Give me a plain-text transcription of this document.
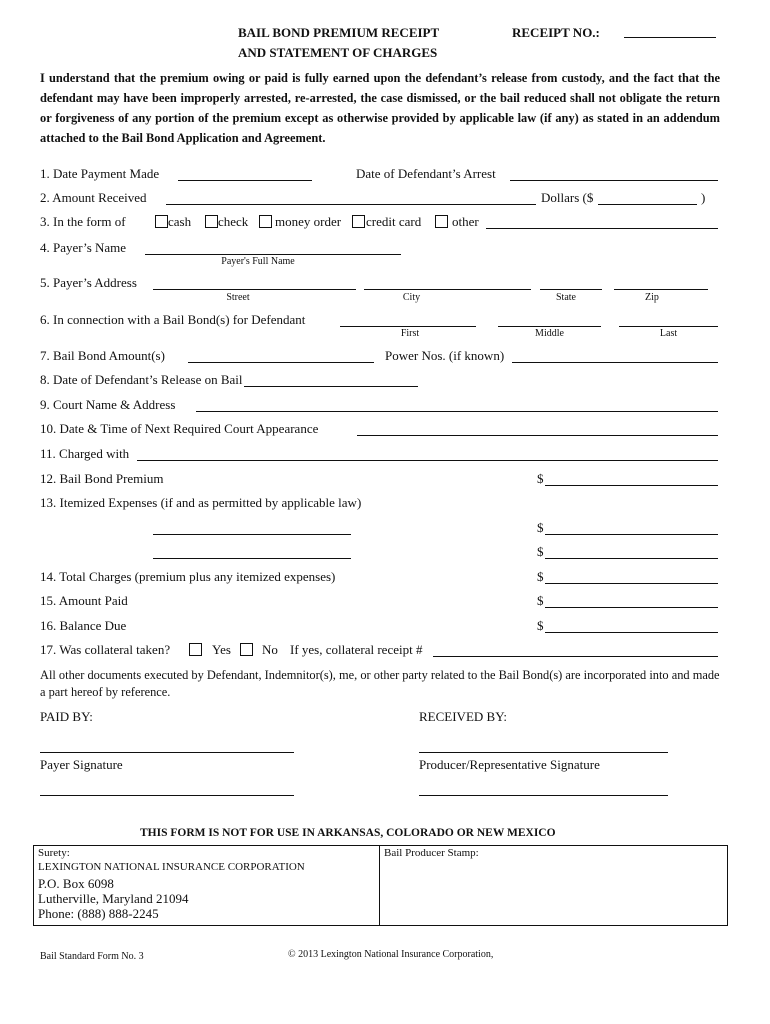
BAIL BOND PREMIUM RECEIPT
AND STATEMENT OF CHARGES
RECEIPT NO.:
I understand that the premium owing or paid is fully earned upon the defendant’s release from custody, and the fact that the defendant may have been improperly arrested, re-arrested, the case dismissed, or the bail reduced shall not obligate the return or forgiveness of any portion of the premium except as otherwise provided by applicable law (if any) as stated in an addendum attached to the Bail Bond Application and Agreement.
1. Date Payment Made	Date of Defendant’s Arrest
2. Amount Received	Dollars ($	)
3. In the form of	cash check money order credit card other
4. Payer’s Name
Payer's Full Name
5. Payer’s Address
Street	City	State	Zip
6. In connection with a Bail Bond(s) for Defendant
First	Middle	Last
7. Bail Bond Amount(s)	Power Nos. (if known)
8. Date of Defendant’s Release on Bail
9. Court Name & Address
10. Date & Time of Next Required Court Appearance
11. Charged with
12. Bail Bond Premium	$
13. Itemized Expenses (if and as permitted by applicable law)
$
$
14. Total Charges (premium plus any itemized expenses)	$
15. Amount Paid	$
16. Balance Due	$
17. Was collateral taken?	Yes No If yes, collateral receipt #
All other documents executed by Defendant, Indemnitor(s), me, or other party related to the Bail Bond(s) are incorporated into and made a part hereof by reference.
PAID BY:	RECEIVED BY:
Payer Signature	Producer/Representative Signature
THIS FORM IS NOT FOR USE IN ARKANSAS, COLORADO OR NEW MEXICO
Surety:
LEXINGTON NATIONAL INSURANCE CORPORATION
P.O. Box 6098
Lutherville, Maryland 21094
Phone: (888) 888-2245
Bail Producer Stamp:
Bail Standard Form No. 3	© 2013 Lexington National Insurance Corporation,
